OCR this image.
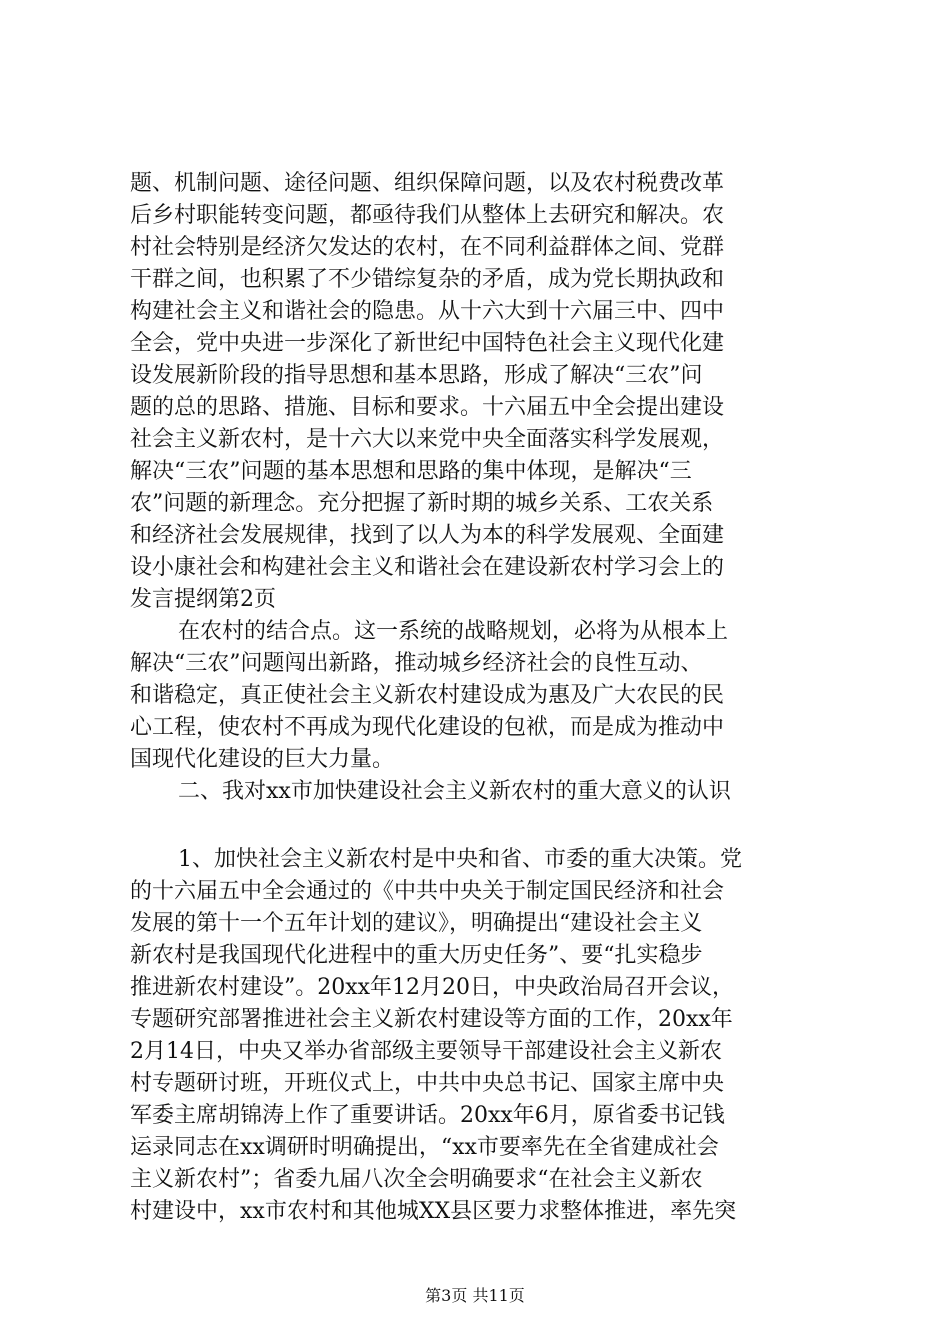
题、机制问题、途径问题、组织保障问题，以及农村税费改革
后乡村职能转变问题，都亟待我们从整体上去研究和解决。农
村社会特别是经济欠发达的农村，在不同利益群体之间、党群
干群之间，也积累了不少错综复杂的矛盾，成为党长期执政和
构建社会主义和谐社会的隐患。从十六大到十六届三中、四中
全会，党中央进一步深化了新世纪中国特色社会主义现代化建
设发展新阶段的指导思想和基本思路，形成了解决“三农”问
题的总的思路、措施、目标和要求。十六届五中全会提出建设
社会主义新农村，是十六大以来党中央全面落实科学发展观，
解决“三农”问题的基本思想和思路的集中体现，是解决“三
农”问题的新理念。充分把握了新时期的城乡关系、工农关系
和经济社会发展规律，找到了以人为本的科学发展观、全面建
设小康社会和构建社会主义和谐社会在建设新农村学习会上的
发言提纲第2页
在农村的结合点。这一系统的战略规划，必将为从根本上
解决“三农”问题闯出新路，推动城乡经济社会的良性互动、
和谐稳定，真正使社会主义新农村建设成为惠及广大农民的民
心工程，使农村不再成为现代化建设的包袱，而是成为推动中
国现代化建设的巨大力量。
二、我对xx市加快建设社会主义新农村的重大意义的认识
1、加快社会主义新农村是中央和省、市委的重大决策。党
的十六届五中全会通过的《中共中央关于制定国民经济和社会
发展的第十一个五年计划的建议》，明确提出“建设社会主义
新农村是我国现代化进程中的重大历史任务”、要“扎实稳步
推进新农村建设”。20xx年12月20日，中央政治局召开会议，
专题研究部署推进社会主义新农村建设等方面的工作，20xx年
2月14日，中央又举办省部级主要领导干部建设社会主义新农
村专题研讨班，开班仪式上，中共中央总书记、国家主席中央
军委主席胡锦涛上作了重要讲话。20xx年6月，原省委书记钱
运录同志在xx调研时明确提出，“xx市要率先在全省建成社会
主义新农村”；省委九届八次全会明确要求“在社会主义新农
村建设中，xx市农村和其他城XX县区要力求整体推进，率先突
第3页 共11页
